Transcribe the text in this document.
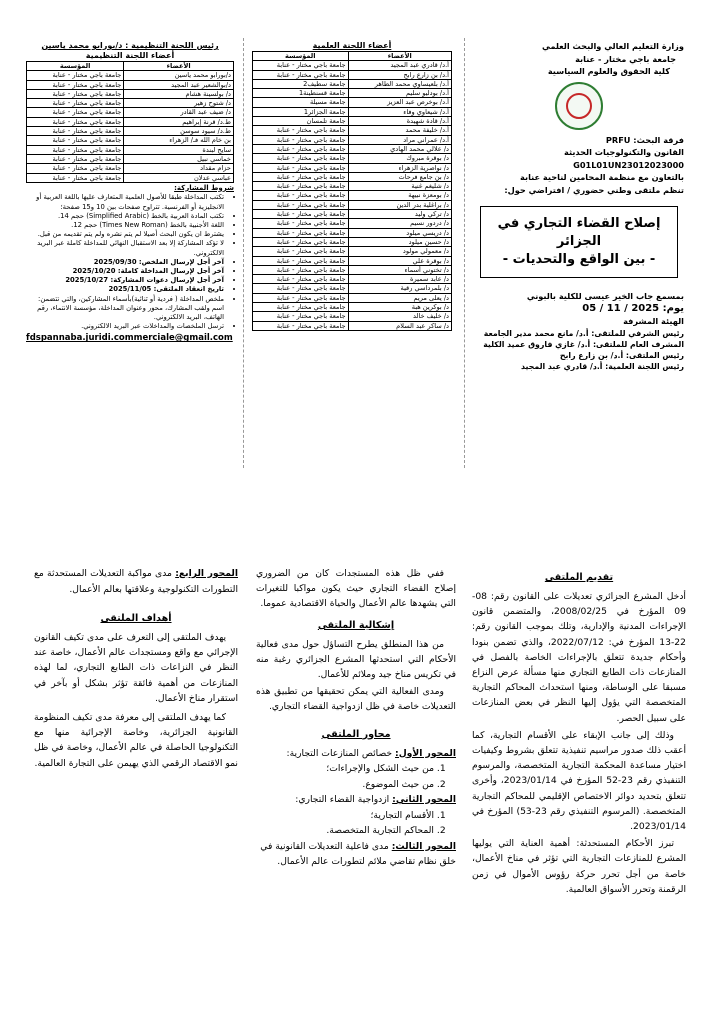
رئيس اللجنة التنظيمية : د/بورابو محمد ياسين
أعضاء اللجنة التنظيمية
الأعضاء	المؤسسة
د/بورابو محمد ياسين	جامعة باجي مختار - عنابة
د/بوالشعير عبد المجيد	جامعة باجي مختار - عنابة
د/ بولسينة هشام	جامعة باجي مختار - عنابة
د/ شتوح زهير	جامعة باجي مختار - عنابة
د/ ضيف عبد القادر	جامعة باجي مختار - عنابة
ط.د/ قرنة إبراهيم	جامعة باجي مختار - عنابة
ط.د/ سيود سوسن	جامعة باجي مختار - عنابة
بن خام الله فـ/ الزهراء	جامعة باجي مختار - عنابة
سايح لبندة	جامعة باجي مختار - عنابة
خماسي نبيل	جامعة باجي مختار - عنابة
حزام مقداد	جامعة باجي مختار - عنابة
عباسي عدلان	جامعة باجي مختار - عنابة
شروط المشاركة:
• تكتب المداخلة طبقا للأصول العلمية المتعارف عليها باللغة العربية أو الانجليزية أو الفرنسية. تتراوح صفحات بين 10 و15 صفحة؛
• تكتب المادة العربية بالخط (Simplified Arabic) حجم 14.
• اللغة الأجنبية بالخط (Times New Roman) حجم 12.
• يشترط ان يكون البحث أصيلا لم يتم نشره ولم يتم تقديمه من قبل.
• لا تؤكد المشاركة إلا بعد الاستقبال النهائي للمداخلة كاملة عبر البريد الالكتروني.
• آخر أجل لإرسال الملخص: 2025/09/30
• آخر أجل لإرسال المداخلة كاملة: 2025/10/20
• آخر أجل لإرسال دعوات المشاركة: 2025/10/27
• تاريخ انعقاد الملتقى: 2025/11/05
• ملخص المداخلة ( فردية أو ثنائية)بأسماء المشاركين، والتي تتضمن: اسم ولقب المشارك، محور وعنوان المداخلة، مؤسسة الانتماء، رقم الهاتف، البريد الالكتروني.
• ترسل الملخصات والمداخلات عبر البريد الالكتروني.
fdspannaba.juridi.commerciale@gmail.com
أعضاء اللجنة العلمية
الأعضاء	المؤسسة
أ.د/ قادري عبد المجيد	جامعة باجي مختار - عنابة
أ.د/ بن زارع رابح	جامعة باجي مختار - عنابة
أ.د/ بلعيساوي محمد الطاهر	جامعة سطيف2
أ.د/ بودليو سليم	جامعة قسنطينة1
أ.د/ بوخرص عبد العزيز	جامعة مسيلة
أ.د/ شيعاوي وفاء	جامعة الجزائر1
أ.د/ قادة شهيدة	جامعة تلمسان
أ.د/ خليفة محمد	جامعة باجي مختار - عنابة
أ.د/ عمراني مراد	جامعة باجي مختار - عنابة
د/ علالي محمد الهادي	جامعة باجي مختار - عنابة
د/ بوقرة مبروك	جامعة باجي مختار - عنابة
د/ نواصرية الزهراء	جامعة باجي مختار - عنابة
د/ بن جامع فرحات	جامعة باجي مختار - عنابة
د/ شليغم غنية	جامعة باجي مختار - عنابة
د/ بومعزة نبيهة	جامعة باجي مختار - عنابة
د/ براغلية بدر الدين	جامعة باجي مختار - عنابة
د/ تركي وليد	جامعة باجي مختار - عنابة
د/ دردور نسيم	جامعة باجي مختار - عنابة
د/ دريسي ميلود	جامعة باجي مختار - عنابة
د/ حسين ميلود	جامعة باجي مختار - عنابة
د/ معمولي مولود	جامعة باجي مختار - عنابة
د/ بوقرة علي	جامعة باجي مختار - عنابة
د/ تختوني أسماء	جامعة باجي مختار - عنابة
د/ عابد سميرة	جامعة باجي مختار - عنابة
د/ بلمرداسي رقية	جامعة باجي مختار - عنابة
د/ يعلى مريم	جامعة باجي مختار - عنابة
د/ بوكرين هبة	جامعة باجي مختار - عنابة
د/ خليف خالد	جامعة باجي مختار - عنابة
د/ ساكر عبد السلام	جامعة باجي مختار - عنابة
وزارة التعليم العالي والبحث العلمي
جامعة باجي مختار - عنابة
كلية الحقوق والعلوم السياسية
فرقة البحث: PRFU
القانون والتكنولوجيات الحديثة
G01L01UN23012023000
بالتعاون مع منظمة المحامين لناحية عنابة
تنظم ملتقى وطني حضوري / افتراضي حول:
إصلاح القضاء التجاري في الجزائر
- بين الواقع والتحديات -
بمسمع جاب الخير عيسى للكلية بالبوني
يوم: 05 / 11 / 2025
الهيئة المشرفة
رئيس الشرفي للملتقى: أ.د/ مانع محمد مدير الجامعة
المشرف العام للملتقى: أ.د/ غازي فاروق عميد الكلية
رئيس الملتقى: أ.د/ بن زارع رابح
رئيس اللجنة العلمية: أ.د/ قادري عبد المجيد
تقديم الملتقى

أدخل المشرع الجزائري تعديلات على القانون رقم: 08-09 المؤرخ في 2008/02/25، والمتضمن قانون الإجراءات المدنية والإدارية، وتلك بموجب القانون رقم: 22-13 المؤرخ في: 2022/07/12، والذي تضمن بنودا وأحكام جديدة تتعلق بالإجراءات الخاصة بالفصل في المنازعات ذات الطابع التجاري منها مسألة عرض النزاع مسبقا على الوساطة، ومنها استحداث المحاكم التجارية المتخصصة التي يؤول إليها النظر في بعض المنازعات على سبيل الحصر.

وذلك إلى جانب الإبقاء على الأقسام التجارية، كما أعقب ذلك صدور مراسيم تنفيذية تتعلق بشروط وكيفيات اختيار مساعدة المحكمة التجارية المتخصصة، والمرسوم التنفيذي رقم 23-52 المؤرخ في 2023/01/14، وأخرى تتعلق بتحديد دوائر الاختصاص الإقليمي للمحاكم التجارية المتخصصة. (المرسوم التنفيذي رقم 23-53) المؤرخ في 2023/01/14.

تبرز الأحكام المستحدثة: أهمية العناية التي يوليها المشرع للمنازعات التجارية التي تؤثر في مناخ الأعمال، خاصة من أجل تحرر حركة رؤوس الأموال في زمن الرقمنة وتحرر الأسواق العالمية.

ففي ظل هذه المستجدات كان من الضروري إصلاح القضاء التجاري حيث يكون مواكبا للتغيرات التي يشهدها عالم الأعمال والحياة الاقتصادية عموما.

إشكالية الملتقى

من هذا المنطلق يطرح التساؤل حول مدى فعالية الأحكام التي استحدثها المشرع الجزائري رغبة منه في تكريس مناخ جيد وملائم للأعمال.

ومدى الفعالية التي يمكن تحقيقها من تطبيق هذه التعديلات خاصة في ظل ازدواجية القضاء التجاري.

محاور الملتقى

المحور الأول: خصائص المنازعات التجارية:

1. من حيث الشكل والإجراءات؛
2. من حيث الموضوع.

المحور الثاني: ازدواجية القضاء التجاري:

1. الأقسام التجارية؛
2. المحاكم التجارية المتخصصة.

المحور الثالث: مدى فاعلية التعديلات القانونية في خلق نظام تقاضي ملائم لتطورات عالم الأعمال.

المحور الرابع: مدى مواكبة التعديلات المستحدثة مع التطورات التكنولوجية وعلاقتها بعالم الأعمال.

أهداف الملتقى

يهدف الملتقى إلى التعرف على مدى تكيف القانون الإجرائي مع واقع ومستجدات عالم الأعمال، خاصة عند النظر في النزاعات ذات الطابع التجاري، لما لهذه المنازعات من أهمية فائقة تؤثر بشكل أو بآخر في استقرار مناخ الأعمال.

كما يهدف الملتقى إلى معرفة مدى تكيف المنظومة القانونية الجزائرية، وخاصة الإجرائية منها مع التكنولوجيا الحاصلة في عالم الأعمال، وخاصة في ظل نمو الاقتصاد الرقمي الذي يهيمن على التجارة العالمية.
